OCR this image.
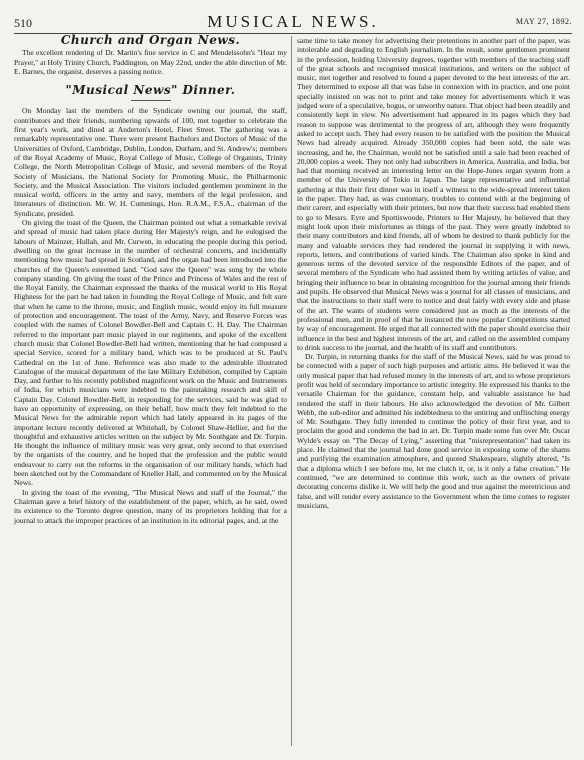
510	MUSICAL NEWS.	MAY 27, 1892.
Church and Organ News.

The excellent rendering of Dr. Martin's fine service in C and Mendelssohn's "Hear my Prayer," at Holy Trinity Church, Paddington, on May 22nd, under the able direction of Mr. E. Barnes, the organist, deserves a passing notice.

"Musical News" Dinner.

On Monday last the members of the Syndicate owning our journal, the staff, contributors and their friends, numbering upwards of 100, met together to celebrate the first year's work, and dined at Anderton's Hotel, Fleet Street. The gathering was a remarkably representative one. There were present Bachelors and Doctors of Music of the Universities of Oxford, Cambridge, Dublin, London, Durham, and St. Andrew's; members of the Royal Academy of Music, Royal College of Music, College of Organists, Trinity College, the North Metropolitan College of Music, and several members of the Royal Society of Musicians, the National Society for Promoting Music, the Philharmonic Society, and the Musical Association. The visitors included gentlemen prominent in the musical world, officers in the army and navy, members of the legal profession, and litterateurs of distinction. Mr. W. H. Cummings, Hon. R.A.M., F.S.A., chairman of the Syndicate, presided.

On giving the toast of the Queen, the Chairman pointed out what a remarkable revival and spread of music had taken place during Her Majesty's reign, and he eulogised the labours of Mainzer, Hullah, and Mr. Curwen, in educating the people during this period, dwelling on the great increase in the number of orchestral concerts, and incidentally mentioning how music had spread in Scotland, and the organ had been introduced into the churches of the Queen's esteemed land. "God save the Queen" was sung by the whole company standing. On giving the toast of the Prince and Princess of Wales and the rest of the Royal Family, the Chairman expressed the thanks of the musical world to His Royal Highness for the part he had taken in founding the Royal College of Music, and felt sure that when he came to the throne, music, and English music, would enjoy its full measure of protection and encouragement. The toast of the Army, Navy, and Reserve Forces was coupled with the names of Colonel Bowdler-Bell and Captain C. H. Day. The Chairman referred to the important part music played in our regiments, and spoke of the excellent church music that Colonel Bowdler-Bell had written, mentioning that he had composed a special Service, scored for a military band, which was to be produced at St. Paul's Cathedral on the 1st of June. Reference was also made to the admirable illustrated Catalogue of the musical department of the late Military Exhibition, compiled by Captain Day, and further to his recently published magnificent work on the Music and Instruments of India, for which musicians were indebted to the painstaking research and skill of Captain Day. Colonel Bowdler-Bell, in responding for the services, said he was glad to have an opportunity of expressing, on their behalf, how much they felt indebted to the Musical News for the admirable report which had lately appeared in its pages of the important lecture recently delivered at Whitehall, by Colonel Shaw-Hellier, and for the thoughtful and exhaustive articles written on the subject by Mr. Southgate and Dr. Turpin. He thought the influence of military music was very great, only second to that exercised by the organists of the country, and he hoped that the profession and the public would endeavour to carry out the reforms in the organisation of our military bands, which had been sketched out by the Commandant of Kneller Hall, and commented on by the Musical News.

In giving the toast of the evening, "The Musical News and staff of the Journal," the Chairman gave a brief history of the establishment of the paper, which, as he said, owed its existence to the Toronto degree question, many of its proprietors holding that for a journal to attack the improper practices of an institution in its editorial pages, and, at the

same time to take money for advertising their pretentions in another part of the paper, was intolerable and degrading to English journalism. In the result, some gentlemen prominent in the profession, holding University degrees, together with members of the teaching staff of the great schools and recognised musical institutions, and writers on the subject of music, met together and resolved to found a paper devoted to the best interests of the art. They determined to expose all that was false in connexion with its practice, and one point specially insisted on was not to print and take money for advertisements which it was judged were of a speculative, bogus, or unworthy nature. That object had been steadily and consistently kept in view. No advertisement had appeared in its pages which they had reason to suppose was detrimental to the progress of art, although they were frequently asked to accept such. They had every reason to be satisfied with the position the Musical News had already acquired. Already 350,000 copies had been sold, the sale was increasing, and he, the Chairman, would not be satisfied until a sale had been reached of 20,000 copies a week. They not only had subscribers in America, Australia, and India, but had that morning received an interesting letter on the Hope-Jones organ system from a member of the University of Tokio in Japan. The large representative and influential gathering at this their first dinner was in itself a witness to the wide-spread interest taken in the paper. They had, as was customary, troubles to contend with at the beginning of their career, and especially with their printers, but now that their success had enabled them to go to Messrs. Eyre and Spottiswoode, Printers to Her Majesty, he believed that they might look upon their misfortunes as things of the past. They were greatly indebted to their many contributors and kind friends, all of whom he desired to thank publicly for the many and valuable services they had rendered the journal in supplying it with news, reports, letters, and contributions of varied kinds. The Chairman also spoke in kind and generous terms of the devoted service of the responsible Editors of the paper, and of several members of the Syndicate who had assisted them by writing articles of value, and bringing their influence to bear in obtaining recognition for the journal among their friends and pupils. He observed that Musical News was a journal for all classes of musicians, and that the instructions to their staff were to notice and deal fairly with every side and phase of the art. The wants of students were considered just as much as the interests of the professional men, and in proof of that he instanced the now popular Competitions started by way of encouragement. He urged that all connected with the paper should exercise their influence in the best and highest interests of the art, and called on the assembled company to drink success to the journal, and the health of its staff and contributors.

Dr. Turpin, in returning thanks for the staff of the Musical News, said he was proud to be connected with a paper of such high purposes and artistic aims. He believed it was the only musical paper that had refused money in the interests of art, and to whose proprietors profit was held of secondary importance to artistic integrity. He expressed his thanks to the versatile Chairman for the guidance, constant help, and valuable assistance he had rendered the staff in their labours. He also acknowledged the devotion of Mr. Gilbert Webb, the sub-editor and admitted his indebtedness to the untiring and unflinching energy of Mr. Southgate. They fully intended to continue the policy of their first year, and to proclaim the good and condemn the bad in art. Dr. Turpin made some fun over Mr. Oscar Wylde's essay on "The Decay of Lying," asserting that "misrepresentation" had taken its place. He claimed that the journal had done good service in exposing some of the shams and purifying the examination atmosphere, and quoted Shakespeare, slightly altered, "Is that a diploma which I see before me, let me clutch it, or, is it only a false creation." He continued, "we are determined to continue this work, such as the owners of private decorating concerns dislike it. We will help the good and true against the meretricious and false, and will render every assistance to the Government when the time comes to register musicians,
